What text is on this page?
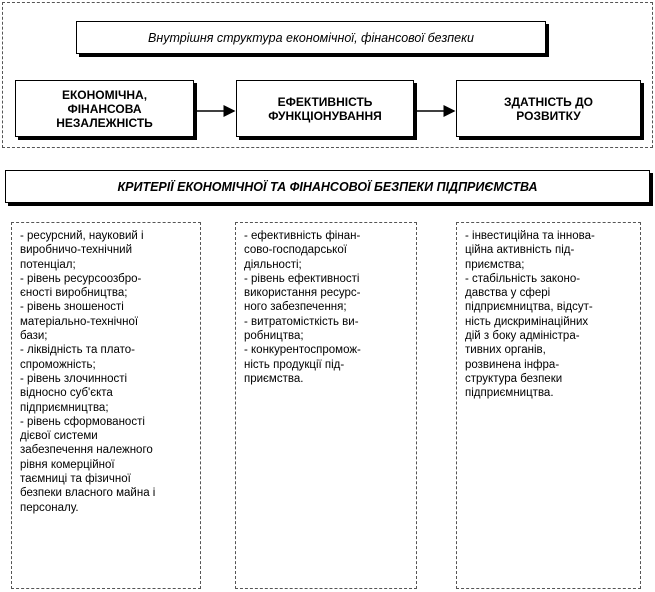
Внутрішня структура економічної, фінансової безпеки
ЕКОНОМІЧНА,
ФІНАНСОВА
НЕЗАЛЕЖНІСТЬ
ЕФЕКТИВНІСТЬ
ФУНКЦІОНУВАННЯ
ЗДАТНІСТЬ ДО
РОЗВИТКУ
КРИТЕРІЇ ЕКОНОМІЧНОЇ ТА ФІНАНСОВОЇ БЕЗПЕКИ ПІДПРИЄМСТВА
- ресурсний, науковий і
виробничо-технічний
потенціал;
- рівень ресурсоозбро-
єності виробництва;
- рівень зношеності
матеріально-технічної
бази;
- ліквідність та плато-
спроможність;
- рівень злочинності
відносно суб'єкта
підприємництва;
- рівень сформованості
дієвої системи
забезпечення належного
рівня комерційної
таємниці та фізичної
безпеки власного майна і
персоналу.
- ефективність фінан-
сово-господарської
діяльності;
- рівень ефективності
використання ресурс-
ного забезпечення;
- витратомісткість ви-
робництва;
- конкурентоспромож-
ність продукції під-
приємства.
- інвестиційна та іннова-
ційна активність під-
приємства;
- стабільність законо-
давства у сфері
підприємництва, відсут-
ність дискримінаційних
дій з боку адміністра-
тивних органів,
розвинена інфра-
структура безпеки
підприємництва.
